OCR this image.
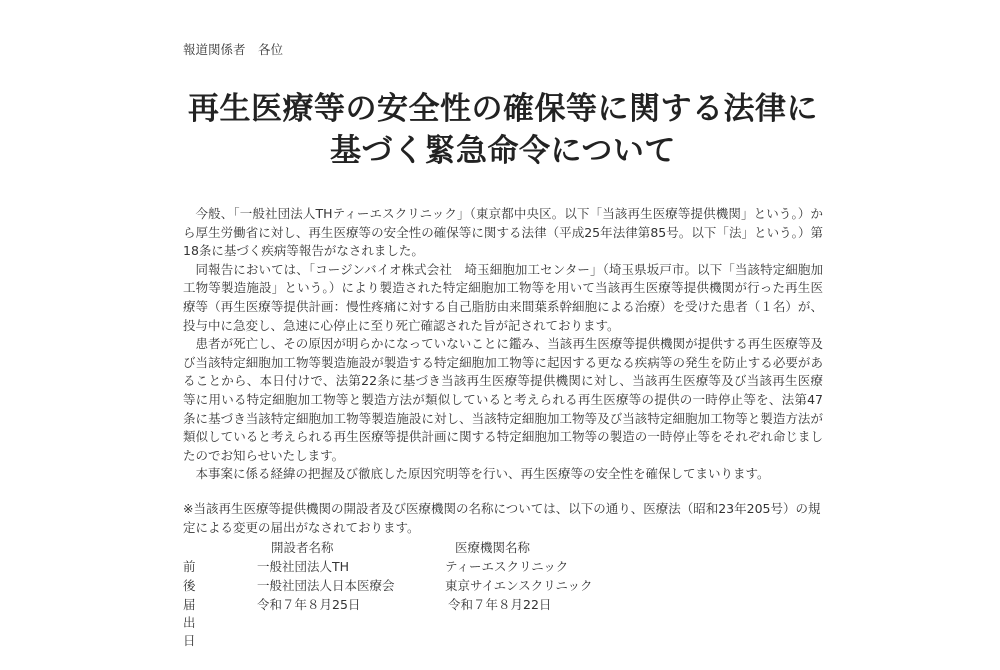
報道関係者　各位
再生医療等の安全性の確保等に関する法律に
基づく緊急命令について

今般、「一般社団法人THティーエスクリニック」（東京都中央区。以下「当該再生医療等提供機関」という。）から厚生労働省に対し、再生医療等の安全性の確保等に関する法律（平成25年法律第85号。以下「法」という。）第18条に基づく疾病等報告がなされました。

同報告においては、「コージンバイオ株式会社　埼玉細胞加工センター」（埼玉県坂戸市。以下「当該特定細胞加工物等製造施設」という。）により製造された特定細胞加工物等を用いて当該再生医療等提供機関が行った再生医療等（再生医療等提供計画：慢性疼痛に対する自己脂肪由来間葉系幹細胞による治療）を受けた患者（１名）が、投与中に急変し、急速に心停止に至り死亡確認された旨が記されております。

患者が死亡し、その原因が明らかになっていないことに鑑み、当該再生医療等提供機関が提供する再生医療等及び当該特定細胞加工物等製造施設が製造する特定細胞加工物等に起因する更なる疾病等の発生を防止する必要があることから、本日付けで、法第22条に基づき当該再生医療等提供機関に対し、当該再生医療等及び当該再生医療等に用いる特定細胞加工物等と製造方法が類似していると考えられる再生医療等の提供の一時停止等を、法第47条に基づき当該特定細胞加工物等製造施設に対し、当該特定細胞加工物等及び当該特定細胞加工物等と製造方法が類似していると考えられる再生医療等提供計画に関する特定細胞加工物等の製造の一時停止等をそれぞれ命じましたのでお知らせいたします。

本事案に係る経緯の把握及び徹底した原因究明等を行い、再生医療等の安全性を確保してまいります。

※当該再生医療等提供機関の開設者及び医療機関の名称については、以下の通り、医療法（昭和23年205号）の規定による変更の届出がなされております。

開設者名称	医療機関名称
前	一般社団法人TH	ティーエスクリニック
後	一般社団法人日本医療会	東京サイエンスクリニック
届出日
令和７年８月25日	令和７年８月22日
